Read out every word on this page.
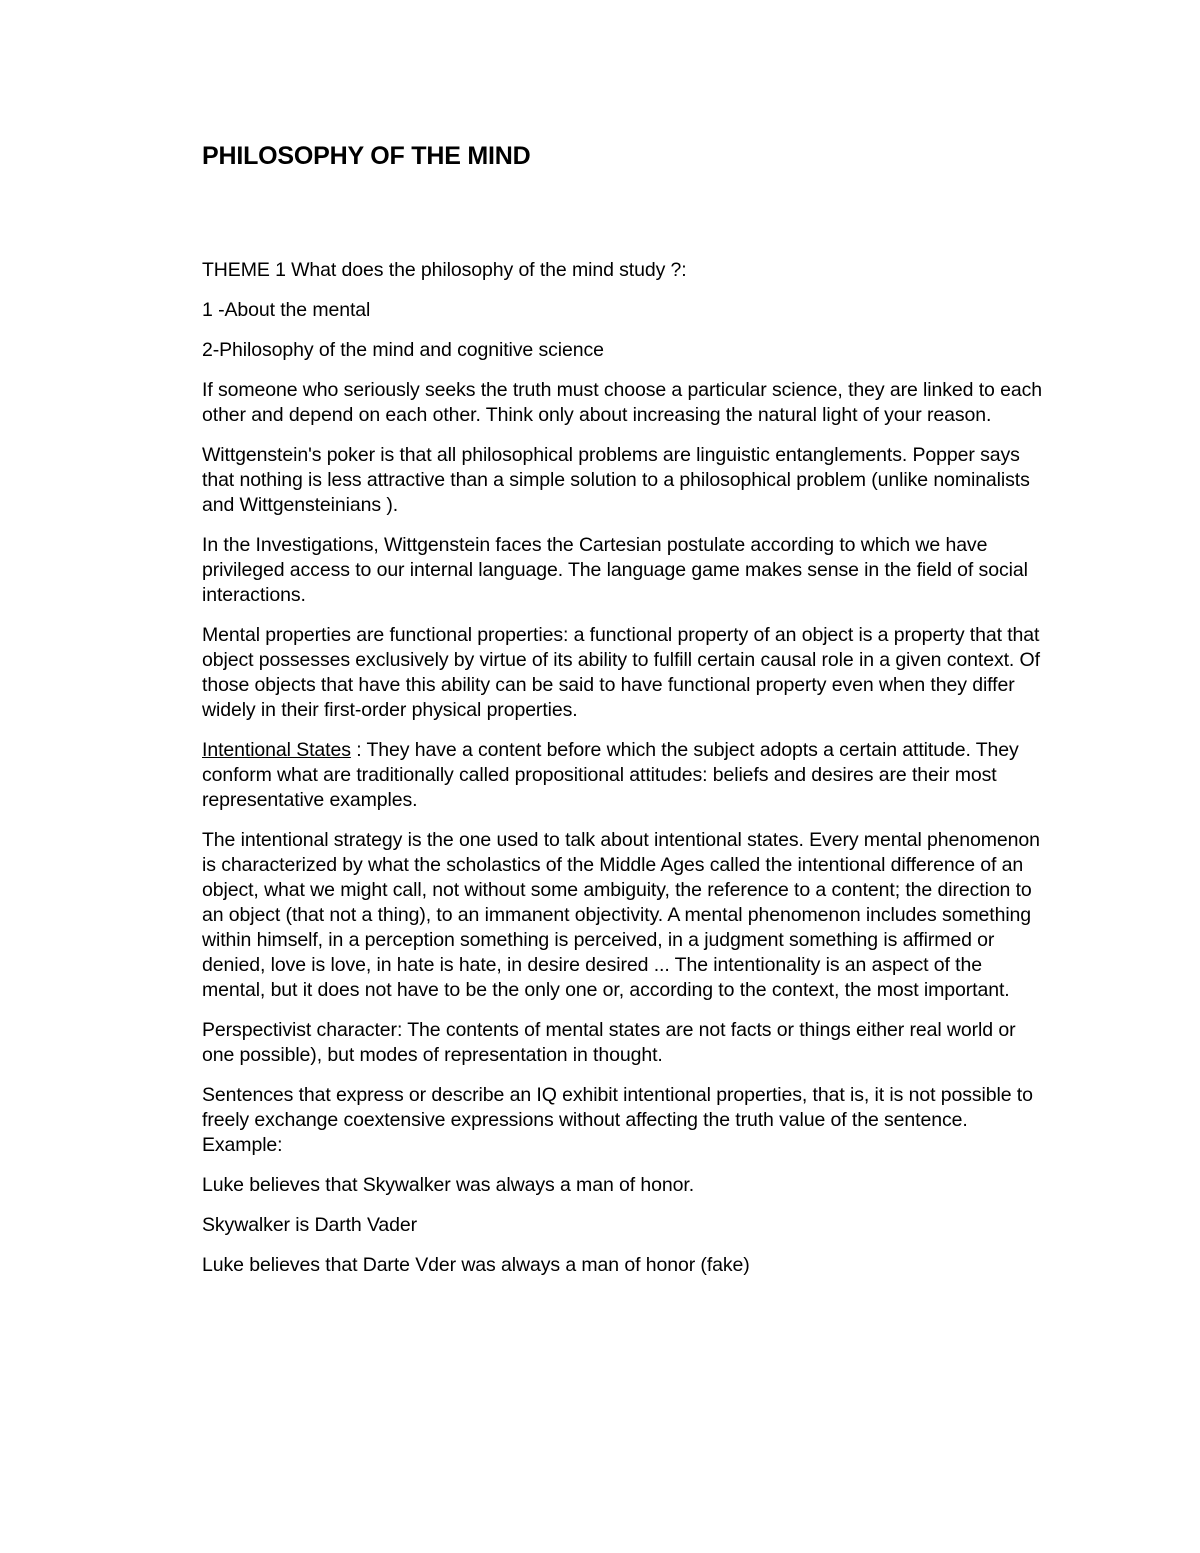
PHILOSOPHY OF THE MIND

THEME 1 What does the philosophy of the mind study ?:

1 -About the mental

2-Philosophy of the mind and cognitive science

If someone who seriously seeks the truth must choose a particular science, they are linked to each other and depend on each other. Think only about increasing the natural light of your reason.

Wittgenstein's poker is that all philosophical problems are linguistic entanglements. Popper says that nothing is less attractive than a simple solution to a philosophical problem (unlike nominalists and Wittgensteinians ).

In the Investigations, Wittgenstein faces the Cartesian postulate according to which we have privileged access to our internal language. The language game makes sense in the field of social interactions.

Mental properties are functional properties: a functional property of an object is a property that that object possesses exclusively by virtue of its ability to fulfill certain causal role in a given context. Of those objects that have this ability can be said to have functional property even when they differ widely in their first-order physical properties.

Intentional States : They have a content before which the subject adopts a certain attitude. They conform what are traditionally called propositional attitudes: beliefs and desires are their most representative examples.

The intentional strategy is the one used to talk about intentional states. Every mental phenomenon is characterized by what the scholastics of the Middle Ages called the intentional difference of an object, what we might call, not without some ambiguity, the reference to a content; the direction to an object (that not a thing), to an immanent objectivity. A mental phenomenon includes something within himself, in a perception something is perceived, in a judgment something is affirmed or denied, love is love, in hate is hate, in desire desired ... The intentionality is an aspect of the mental, but it does not have to be the only one or, according to the context, the most important.

Perspectivist character: The contents of mental states are not facts or things either real world or one possible), but modes of representation in thought.

Sentences that express or describe an IQ exhibit intentional properties, that is, it is not possible to freely exchange coextensive expressions without affecting the truth value of the sentence. Example:

Luke believes that Skywalker was always a man of honor.

Skywalker is Darth Vader

Luke believes that Darte Vder was always a man of honor (fake)
